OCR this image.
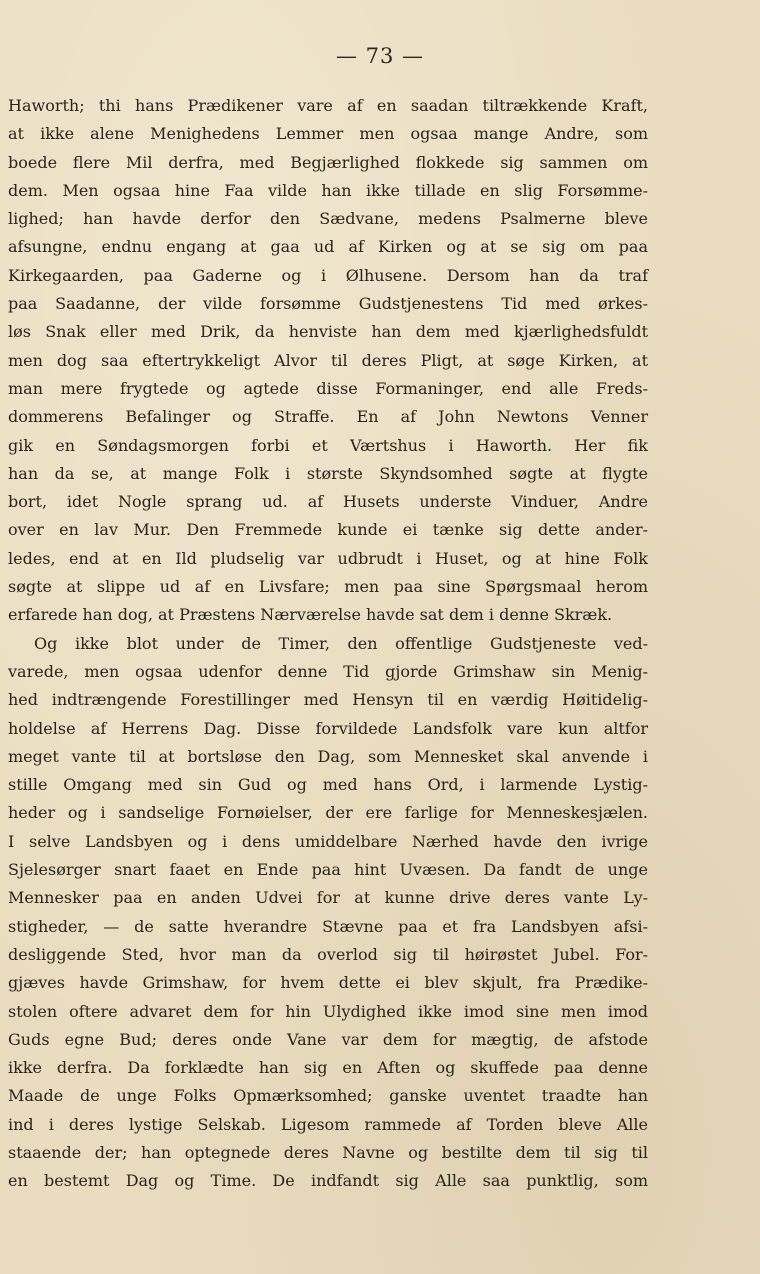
— 73 —
Haworth; thi hans Prædikener vare af en saadan tiltrækkende Kraft,
at ikke alene Menighedens Lemmer men ogsaa mange Andre, som
boede flere Mil derfra, med Begjærlighed flokkede sig sammen om
dem. Men ogsaa hine Faa vilde han ikke tillade en slig Forsømme-
lighed; han havde derfor den Sædvane, medens Psalmerne bleve
afsungne, endnu engang at gaa ud af Kirken og at se sig om paa
Kirkegaarden, paa Gaderne og i Ølhusene. Dersom han da traf
paa Saadanne, der vilde forsømme Gudstjenestens Tid med ørkes-
løs Snak eller med Drik, da henviste han dem med kjærlighedsfuldt
men dog saa eftertrykkeligt Alvor til deres Pligt, at søge Kirken, at
man mere frygtede og agtede disse Formaninger, end alle Freds-
dommerens Befalinger og Straffe. En af John Newtons Venner
gik en Søndagsmorgen forbi et Værtshus i Haworth. Her fik
han da se, at mange Folk i største Skyndsomhed søgte at flygte
bort, idet Nogle sprang ud. af Husets underste Vinduer, Andre
over en lav Mur. Den Fremmede kunde ei tænke sig dette ander-
ledes, end at en Ild pludselig var udbrudt i Huset, og at hine Folk
søgte at slippe ud af en Livsfare; men paa sine Spørgsmaal herom
erfarede han dog, at Præstens Nærværelse havde sat dem i denne Skræk.
Og ikke blot under de Timer, den offentlige Gudstjeneste ved-
varede, men ogsaa udenfor denne Tid gjorde Grimshaw sin Menig-
hed indtrængende Forestillinger med Hensyn til en værdig Høitidelig-
holdelse af Herrens Dag. Disse forvildede Landsfolk vare kun altfor
meget vante til at bortsløse den Dag, som Mennesket skal anvende i
stille Omgang med sin Gud og med hans Ord, i larmende Lystig-
heder og i sandselige Fornøielser, der ere farlige for Menneskesjælen.
I selve Landsbyen og i dens umiddelbare Nærhed havde den ivrige
Sjelesørger snart faaet en Ende paa hint Uvæsen. Da fandt de unge
Mennesker paa en anden Udvei for at kunne drive deres vante Ly-
stigheder, — de satte hverandre Stævne paa et fra Landsbyen afsi-
desliggende Sted, hvor man da overlod sig til høirøstet Jubel. For-
gjæves havde Grimshaw, for hvem dette ei blev skjult, fra Prædike-
stolen oftere advaret dem for hin Ulydighed ikke imod sine men imod
Guds egne Bud; deres onde Vane var dem for mægtig, de afstode
ikke derfra. Da forklædte han sig en Aften og skuffede paa denne
Maade de unge Folks Opmærksomhed; ganske uventet traadte han
ind i deres lystige Selskab. Ligesom rammede af Torden bleve Alle
staaende der; han optegnede deres Navne og bestilte dem til sig til
en bestemt Dag og Time. De indfandt sig Alle saa punktlig, som
